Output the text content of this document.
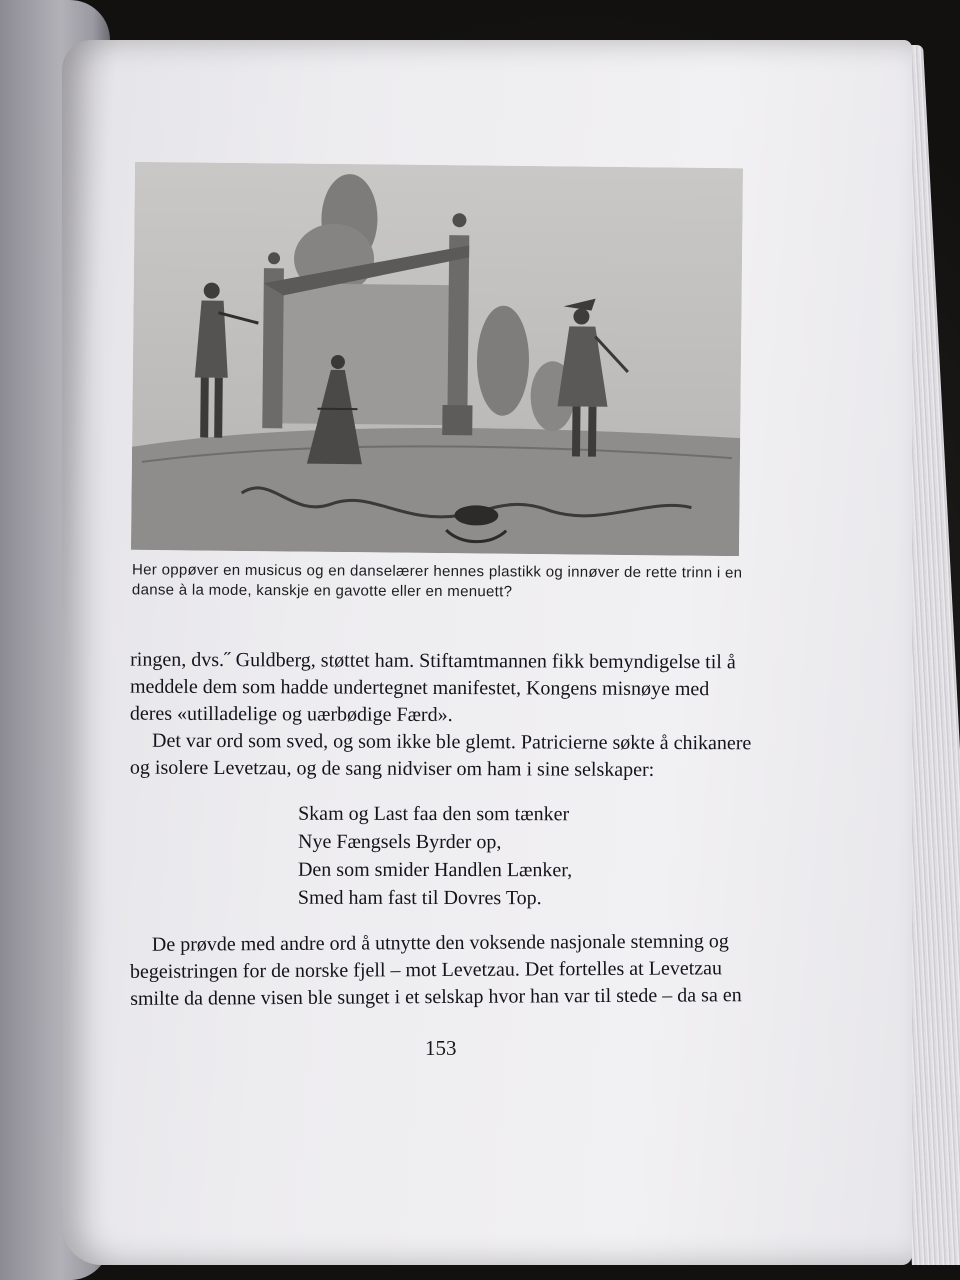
Her oppøver en musicus og en danselærer hennes plastikk og innøver de rette trinn i en

danse à la mode, kanskje en gavotte eller en menuett?

ringen, dvs.˝ Guldberg, støttet ham. Stiftamtmannen fikk bemyndigelse til å
meddele dem som hadde undertegnet manifestet, Kongens misnøye med
deres «utilladelige og uærbødige Færd».

Det var ord som sved, og som ikke ble glemt. Patricierne søkte å chikanere
og isolere Levetzau, og de sang nidviser om ham i sine selskaper:

Skam og Last faa den som tænker
Nye Fængsels Byrder op,
Den som smider Handlen Lænker,
Smed ham fast til Dovres Top.

De prøvde med andre ord å utnytte den voksende nasjonale stemning og
begeistringen for de norske fjell – mot Levetzau. Det fortelles at Levetzau
smilte da denne visen ble sunget i et selskap hvor han var til stede – da sa en

153
